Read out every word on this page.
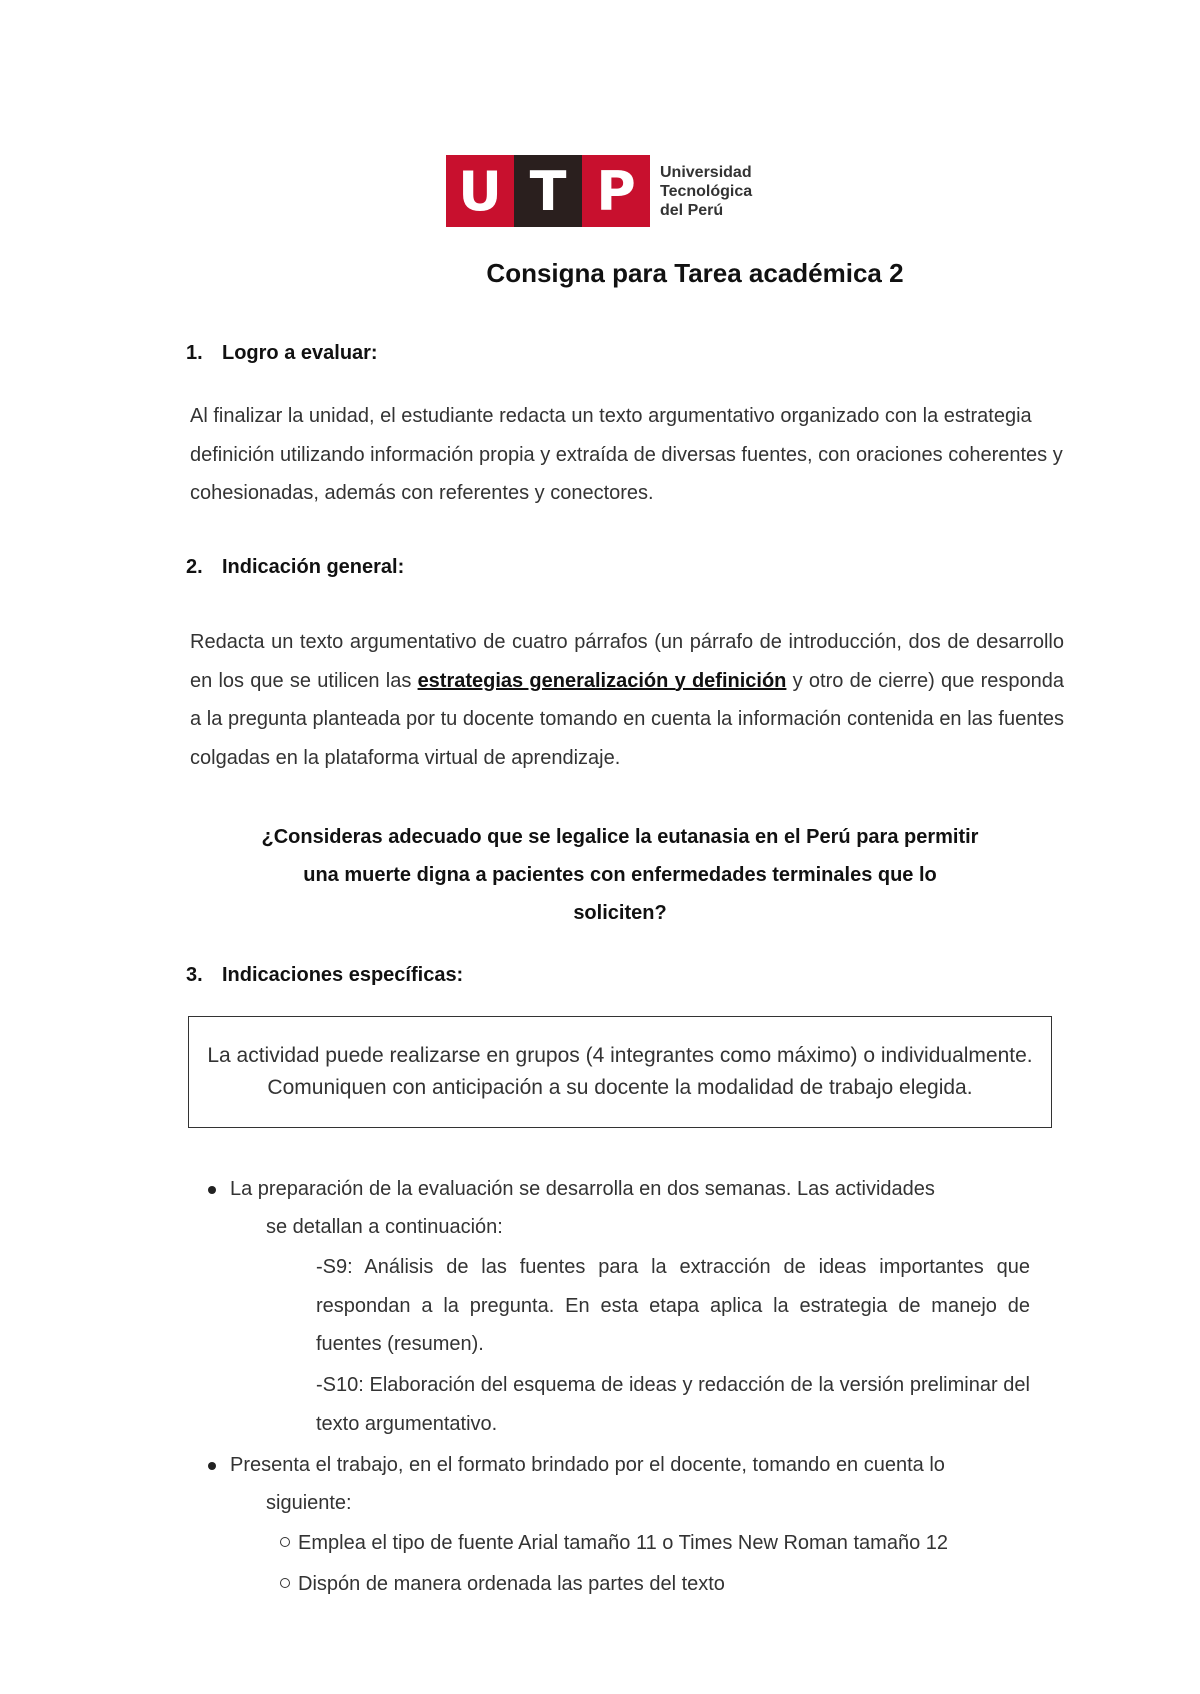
U T P	Universidad
Tecnológica
del Perú
Consigna para Tarea académica 2
1. Logro a evaluar:
Al finalizar la unidad, el estudiante redacta un texto argumentativo organizado con la estrategia definición utilizando información propia y extraída de diversas fuentes, con oraciones coherentes y cohesionadas, además con referentes y conectores.
2. Indicación general:
Redacta un texto argumentativo de cuatro párrafos (un párrafo de introducción, dos de desarrollo en los que se utilicen las estrategias generalización y definición y otro de cierre) que responda a la pregunta planteada por tu docente tomando en cuenta la información contenida en las fuentes colgadas en la plataforma virtual de aprendizaje.
¿Consideras adecuado que se legalice la eutanasia en el Perú para permitir
una muerte digna a pacientes con enfermedades terminales que lo
soliciten?
3. Indicaciones específicas:
La actividad puede realizarse en grupos (4 integrantes como máximo) o individualmente. Comuniquen con anticipación a su docente la modalidad de trabajo elegida.
La preparación de la evaluación se desarrolla en dos semanas. Las actividades
se detallan a continuación:
-S9: Análisis de las fuentes para la extracción de ideas importantes que respondan a la pregunta. En esta etapa aplica la estrategia de manejo de fuentes (resumen).
-S10: Elaboración del esquema de ideas y redacción de la versión preliminar del texto argumentativo.
Presenta el trabajo, en el formato brindado por el docente, tomando en cuenta lo
siguiente:
Emplea el tipo de fuente Arial tamaño 11 o Times New Roman tamaño 12
Dispón de manera ordenada las partes del texto
